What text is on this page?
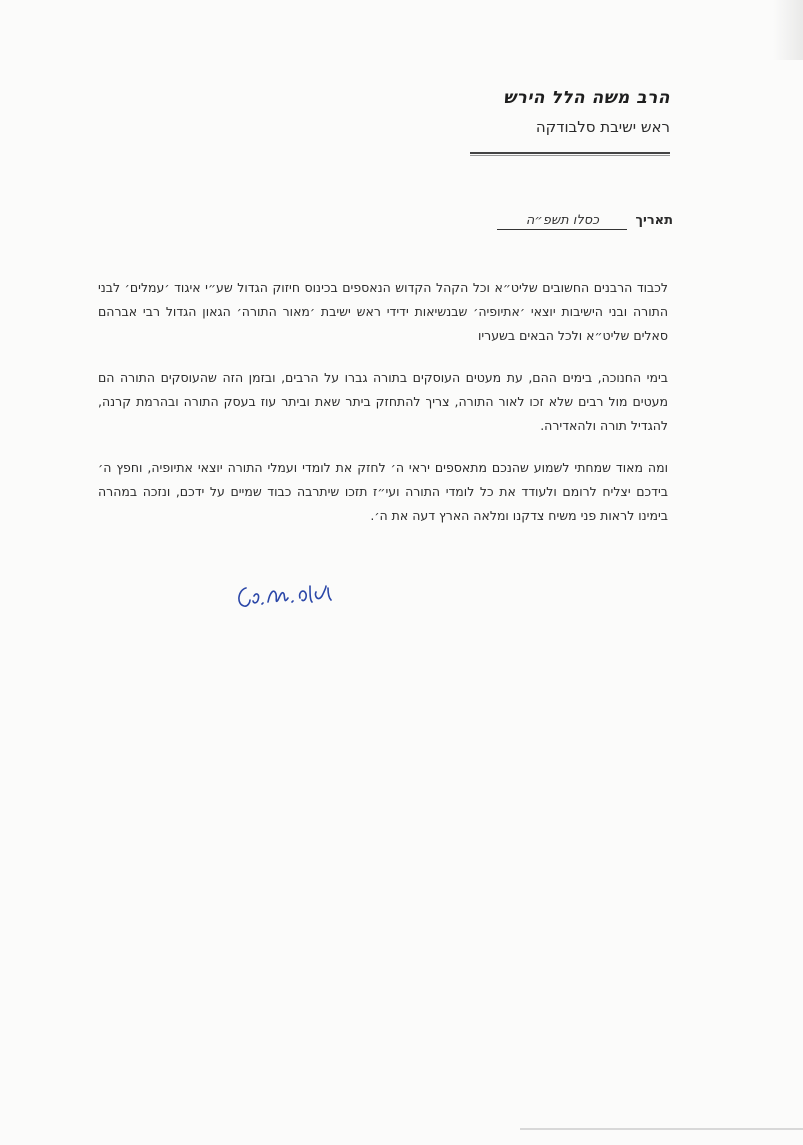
הרב משה הלל הירש
ראש ישיבת סלבודקה
תאריך
כסלו תשפ״ה

לכבוד הרבנים החשובים שליט״א וכל הקהל הקדוש הנאספים בכינוס חיזוק הגדול שע״י איגוד ׳עמלים׳ לבני התורה ובני הישיבות יוצאי ׳אתיופיה׳ שבנשיאות ידידי ראש ישיבת ׳מאור התורה׳ הגאון הגדול רבי אברהם סאלים שליט״א ולכל הבאים בשעריו

בימי החנוכה, בימים ההם, עת מעטים העוסקים בתורה גברו על הרבים, ובזמן הזה שהעוסקים התורה הם מעטים מול רבים שלא זכו לאור התורה, צריך להתחזק ביתר שאת וביתר עוז בעסק התורה ובהרמת קרנה, להגדיל תורה ולהאדירה.

ומה מאוד שמחתי לשמוע שהנכם מתאספים יראי ה׳ לחזק את לומדי ועמלי התורה יוצאי אתיופיה, וחפץ ה׳ בידכם יצליח לרומם ולעודד את כל לומדי התורה ועי״ז תזכו שיתרבה כבוד שמיים על ידכם, ונזכה במהרה בימינו לראות פני משיח צדקנו ומלאה הארץ דעה את ה׳.
